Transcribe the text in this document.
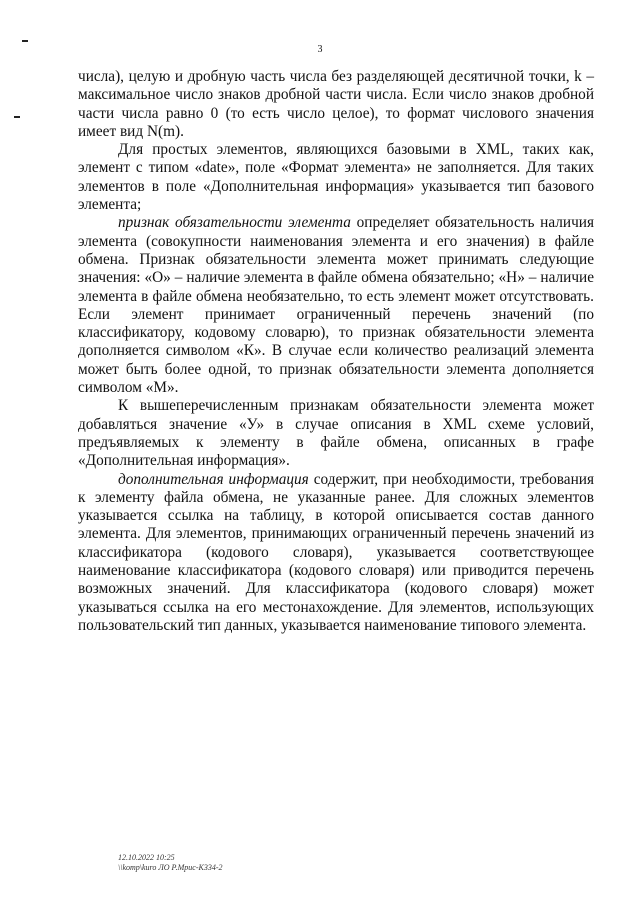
3

числа), целую и дробную часть числа без разделяющей десятичной точки, k – максимальное число знаков дробной части числа. Если число знаков дробной части числа равно 0 (то есть число целое), то формат числового значения имеет вид N(m).

Для простых элементов, являющихся базовыми в XML, таких как, элемент с типом «date», поле «Формат элемента» не заполняется. Для таких элементов в поле «Дополнительная информация» указывается тип базового элемента;

признак обязательности элемента определяет обязательность наличия элемента (совокупности наименования элемента и его значения) в файле обмена. Признак обязательности элемента может принимать следующие значения: «О» – наличие элемента в файле обмена обязательно; «Н» – наличие элемента в файле обмена необязательно, то есть элемент может отсутствовать. Если элемент принимает ограниченный перечень значений (по классификатору, кодовому словарю), то признак обязательности элемента дополняется символом «К». В случае если количество реализаций элемента может быть более одной, то признак обязательности элемента дополняется символом «М».

К вышеперечисленным признакам обязательности элемента может добавляться значение «У» в случае описания в XML схеме условий, предъявляемых к элементу в файле обмена, описанных в графе «Дополнительная информация».

дополнительная информация содержит, при необходимости, требования к элементу файла обмена, не указанные ранее. Для сложных элементов указывается ссылка на таблицу, в которой описывается состав данного элемента. Для элементов, принимающих ограниченный перечень значений из классификатора (кодового словаря), указывается соответствующее наименование классификатора (кодового словаря) или приводится перечень возможных значений. Для классификатора (кодового словаря) может указываться ссылка на его местонахождение. Для элементов, использующих пользовательский тип данных, указывается наименование типового элемента.

12.10.2022 10:25
\\komp\kuro ЛО Р.Мрис-К334-2
